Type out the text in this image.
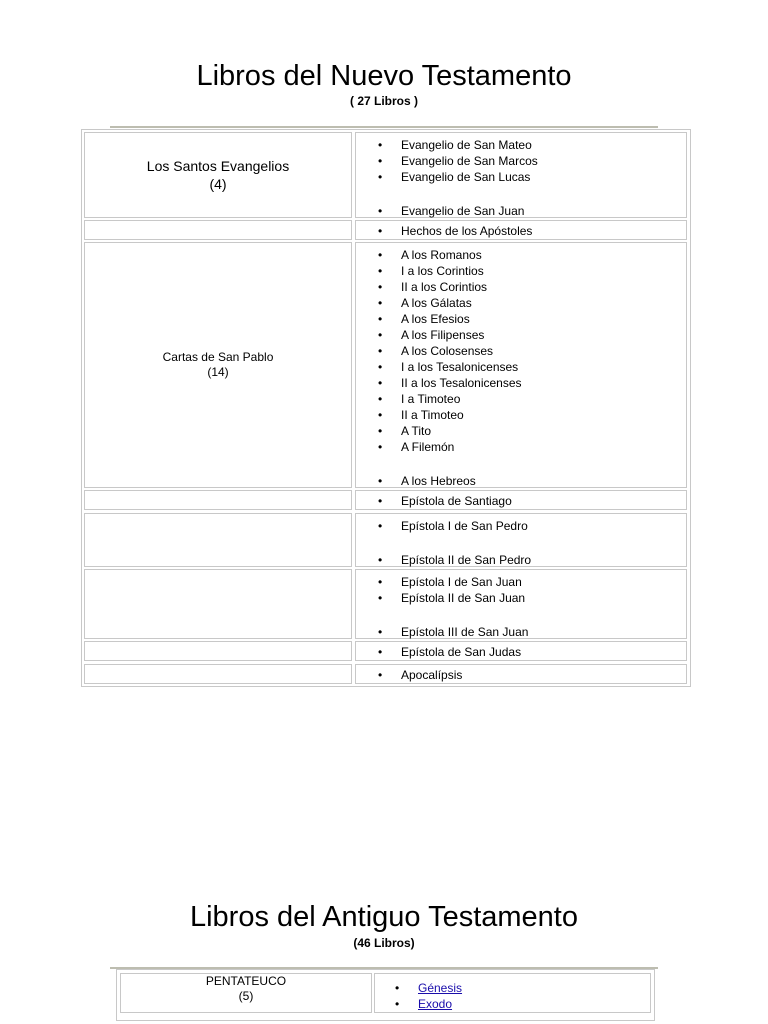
Libros del Nuevo Testamento
( 27 Libros )
Los Santos Evangelios
(4)
• Evangelio de San Mateo
• Evangelio de San Marcos
• Evangelio de San Lucas
• Evangelio de San Juan
• Hechos de los Apóstoles
Cartas de San Pablo
(14)
• A los Romanos
• I a los Corintios
• II a los Corintios
• A los Gálatas
• A los Efesios
• A los Filipenses
• A los Colosenses
• I a los Tesalonicenses
• II a los Tesalonicenses
• I a Timoteo
• II a Timoteo
• A Tito
• A Filemón
• A los Hebreos
• Epístola de Santiago
• Epístola I de San Pedro
• Epístola II de San Pedro
• Epístola I de San Juan
• Epístola II de San Juan
• Epístola III de San Juan
• Epístola de San Judas
• Apocalípsis
Libros del Antiguo Testamento
(46 Libros)
PENTATEUCO
(5)
• Génesis
• Exodo
